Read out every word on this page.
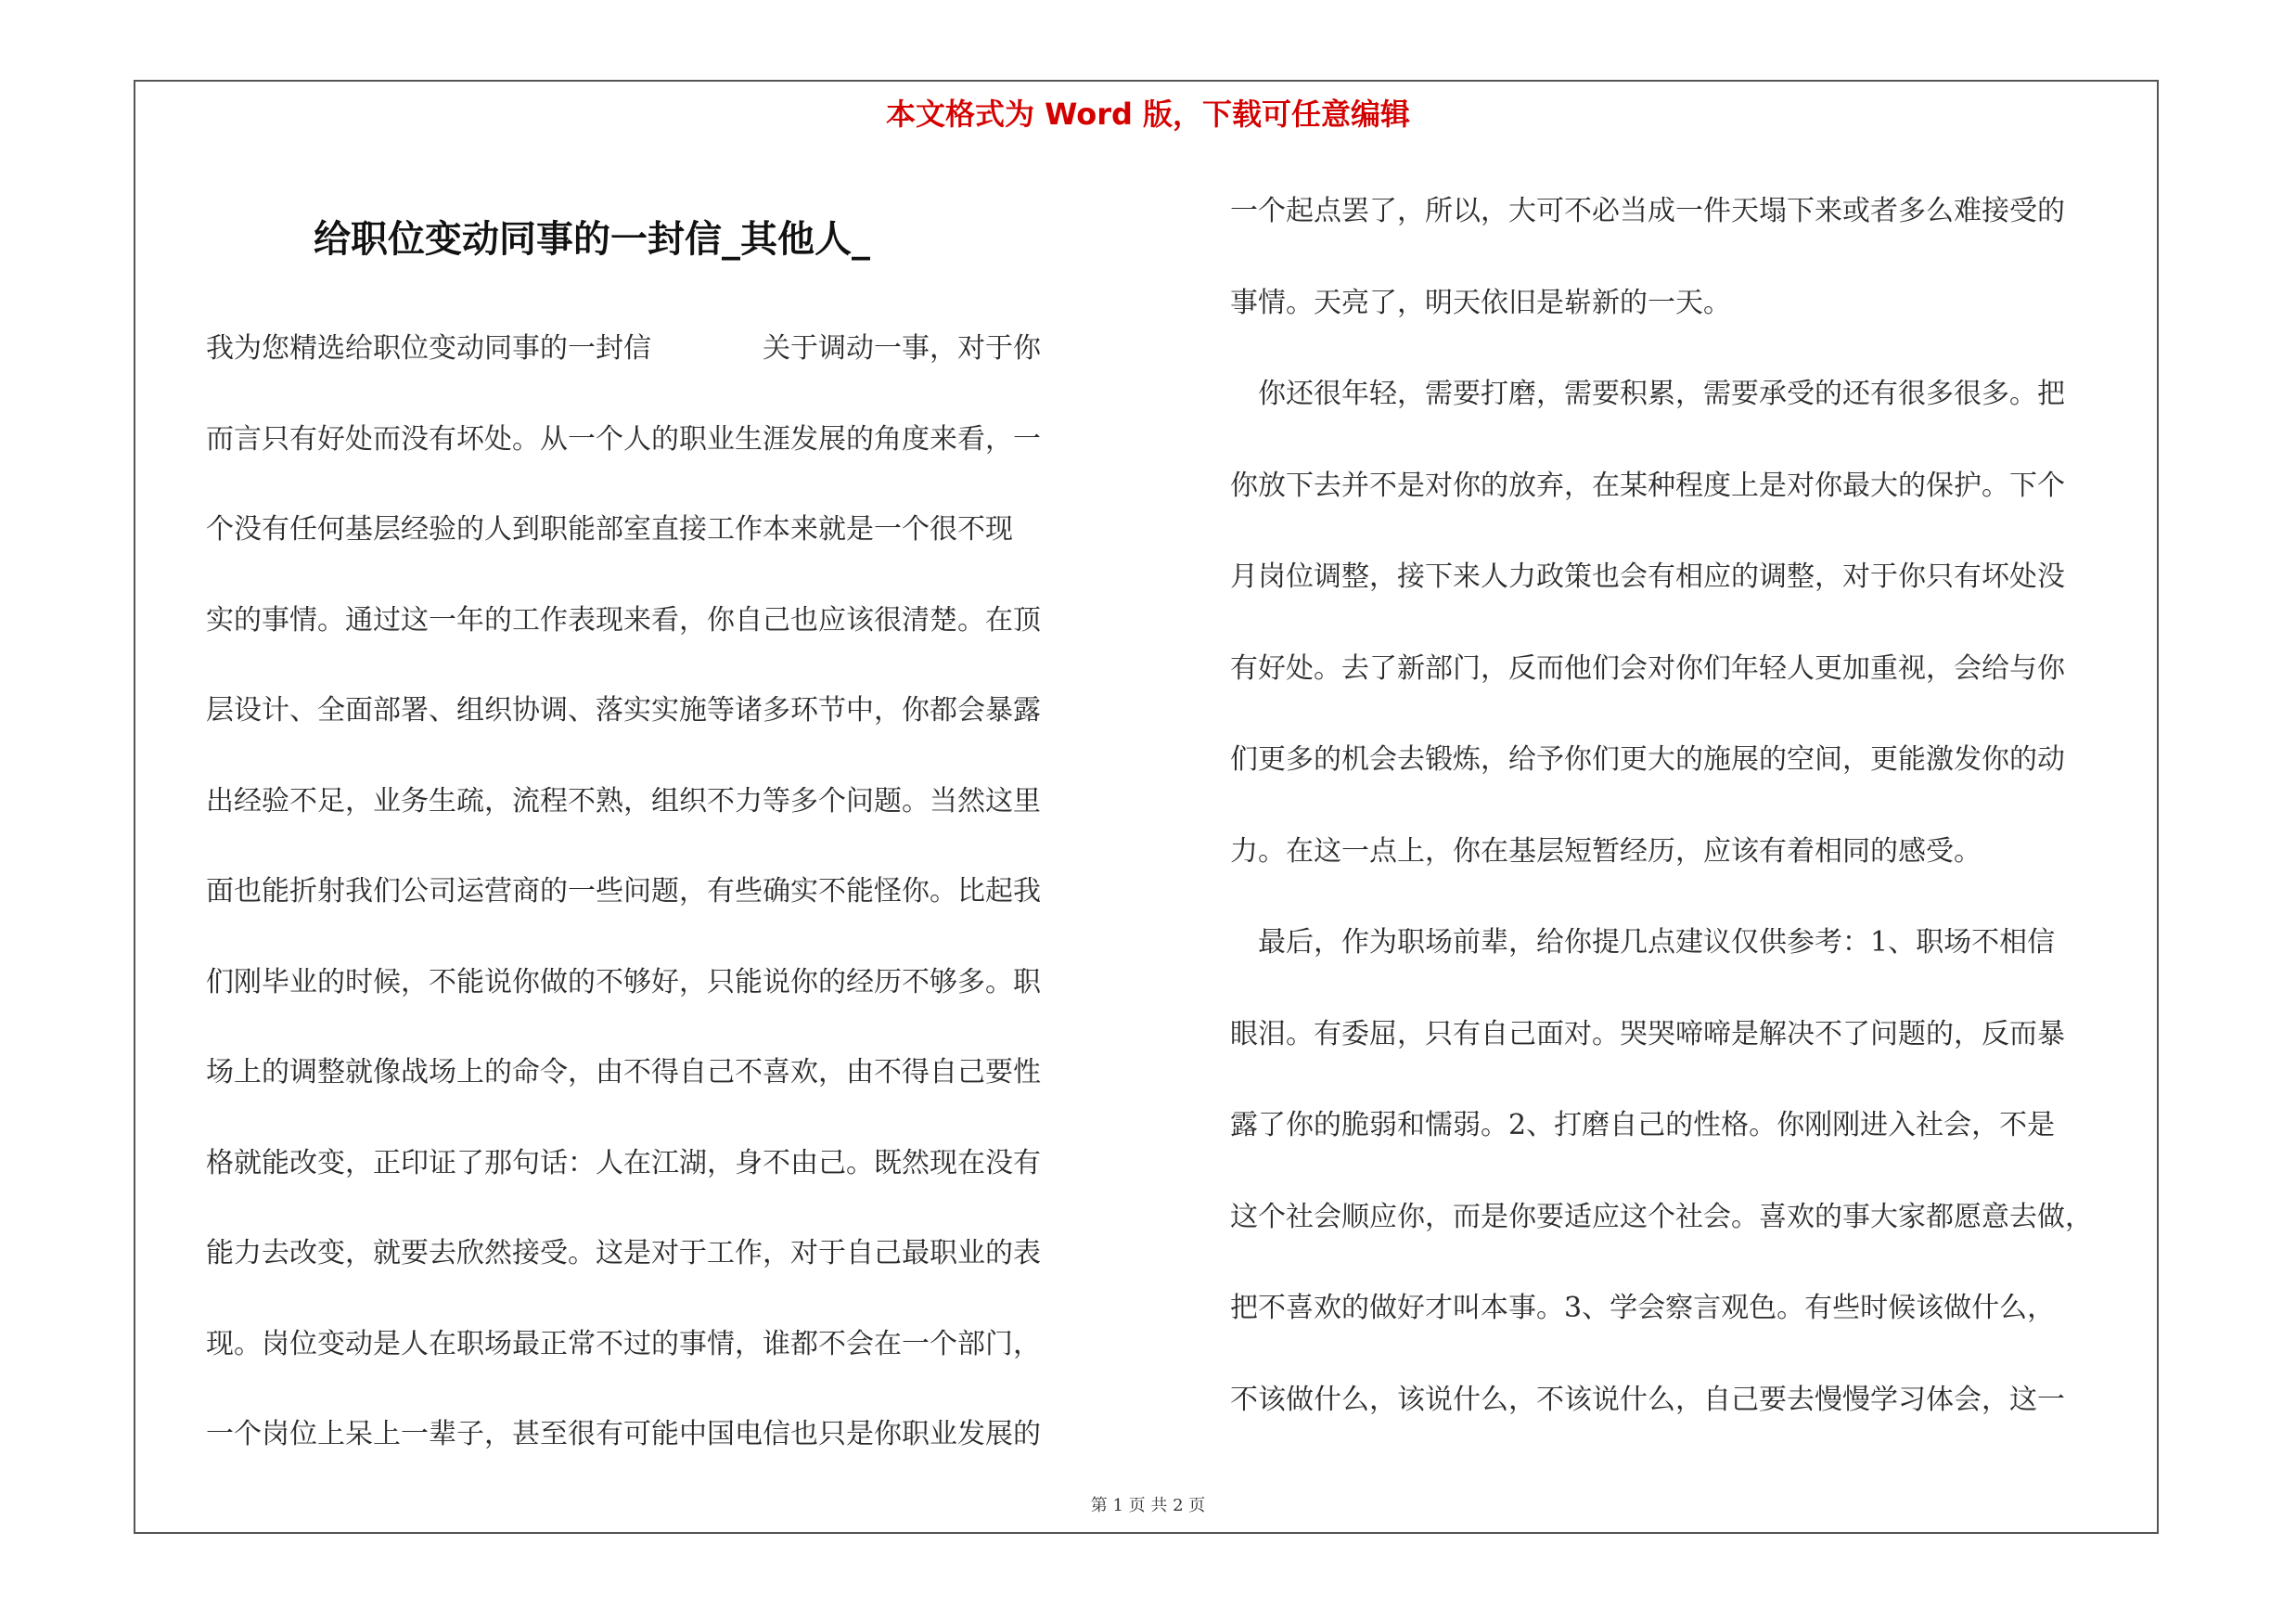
本文格式为 Word 版，下载可任意编辑
给职位变动同事的一封信_其他人_
我为您精选给职位变动同事的一封信　　　　关于调动一事，对于你
而言只有好处而没有坏处。从一个人的职业生涯发展的角度来看，一
个没有任何基层经验的人到职能部室直接工作本来就是一个很不现
实的事情。通过这一年的工作表现来看，你自己也应该很清楚。在顶
层设计、全面部署、组织协调、落实实施等诸多环节中，你都会暴露
出经验不足，业务生疏，流程不熟，组织不力等多个问题。当然这里
面也能折射我们公司运营商的一些问题，有些确实不能怪你。比起我
们刚毕业的时候，不能说你做的不够好，只能说你的经历不够多。职
场上的调整就像战场上的命令，由不得自己不喜欢，由不得自己要性
格就能改变，正印证了那句话：人在江湖，身不由己。既然现在没有
能力去改变，就要去欣然接受。这是对于工作，对于自己最职业的表
现。岗位变动是人在职场最正常不过的事情，谁都不会在一个部门，
一个岗位上呆上一辈子，甚至很有可能中国电信也只是你职业发展的
一个起点罢了，所以，大可不必当成一件天塌下来或者多么难接受的
事情。天亮了，明天依旧是崭新的一天。
　你还很年轻，需要打磨，需要积累，需要承受的还有很多很多。把
你放下去并不是对你的放弃，在某种程度上是对你最大的保护。下个
月岗位调整，接下来人力政策也会有相应的调整，对于你只有坏处没
有好处。去了新部门，反而他们会对你们年轻人更加重视，会给与你
们更多的机会去锻炼，给予你们更大的施展的空间，更能激发你的动
力。在这一点上，你在基层短暂经历，应该有着相同的感受。
　最后，作为职场前辈，给你提几点建议仅供参考：1、职场不相信
眼泪。有委屈，只有自己面对。哭哭啼啼是解决不了问题的，反而暴
露了你的脆弱和懦弱。2、打磨自己的性格。你刚刚进入社会，不是
这个社会顺应你，而是你要适应这个社会。喜欢的事大家都愿意去做，
把不喜欢的做好才叫本事。3、学会察言观色。有些时候该做什么，
不该做什么，该说什么，不该说什么，自己要去慢慢学习体会，这一
第 1 页 共 2 页
